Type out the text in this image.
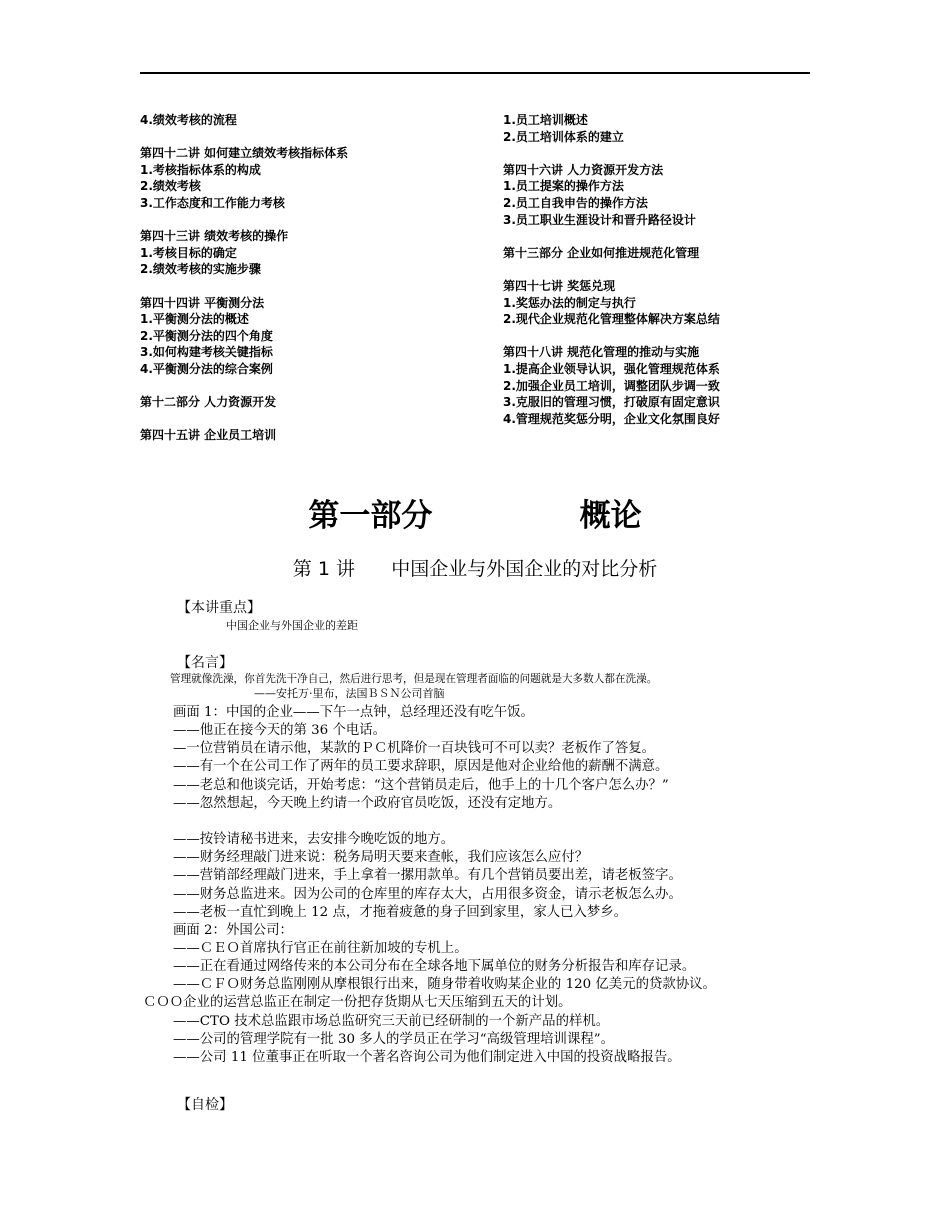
4.绩效考核的流程
第四十二讲 如何建立绩效考核指标体系
1.考核指标体系的构成
2.绩效考核
3.工作态度和工作能力考核
第四十三讲 绩效考核的操作
1.考核目标的确定
2.绩效考核的实施步骤
第四十四讲 平衡测分法
1.平衡测分法的概述
2.平衡测分法的四个角度
3.如何构建考核关键指标
4.平衡测分法的综合案例
第十二部分 人力资源开发
第四十五讲 企业员工培训
1.员工培训概述
2.员工培训体系的建立
第四十六讲 人力资源开发方法
1.员工提案的操作方法
2.员工自我申告的操作方法
3.员工职业生涯设计和晋升路径设计
第十三部分 企业如何推进规范化管理
第四十七讲 奖惩兑现
1.奖惩办法的制定与执行
2.现代企业规范化管理整体解决方案总结
第四十八讲 规范化管理的推动与实施
1.提高企业领导认识，强化管理规范体系
2.加强企业员工培训，调整团队步调一致
3.克服旧的管理习惯，打破原有固定意识
4.管理规范奖惩分明，企业文化氛围良好
第一部分    概论
第 1 讲      中国企业与外国企业的对比分析
【本讲重点】
中国企业与外国企业的差距
【名言】
管理就像洗澡，你首先洗干净自己，然后进行思考，但是现在管理者面临的问题就是大多数人都在洗澡。
——安托万·里布，法国ＢＳＮ公司首脑
画面 1：中国的企业——下午一点钟，总经理还没有吃午饭。
——他正在接今天的第 36 个电话。
—一位营销员在请示他，某款的ＰＣ机降价一百块钱可不可以卖？老板作了答复。
——有一个在公司工作了两年的员工要求辞职，原因是他对企业给他的薪酬不满意。
——老总和他谈完话，开始考虑：“这个营销员走后，他手上的十几个客户怎么办？”
——忽然想起，今天晚上约请一个政府官员吃饭，还没有定地方。
——按铃请秘书进来，去安排今晚吃饭的地方。
——财务经理敲门进来说：税务局明天要来查帐，我们应该怎么应付？
——营销部经理敲门进来，手上拿着一摞用款单。有几个营销员要出差，请老板签字。
——财务总监进来。因为公司的仓库里的库存太大，占用很多资金，请示老板怎么办。
——老板一直忙到晚上 12 点，才拖着疲惫的身子回到家里，家人已入梦乡。
画面 2：外国公司：
——ＣＥＯ首席执行官正在前往新加坡的专机上。
——正在看通过网络传来的本公司分布在全球各地下属单位的财务分析报告和库存记录。
——ＣＦＯ财务总监刚刚从摩根银行出来，随身带着收购某企业的 120 亿美元的贷款协议。
ＣＯＯ企业的运营总监正在制定一份把存货期从七天压缩到五天的计划。
——CTO 技术总监跟市场总监研究三天前已经研制的一个新产品的样机。
——公司的管理学院有一批 30 多人的学员正在学习“高级管理培训课程”。
——公司 11 位董事正在听取一个著名咨询公司为他们制定进入中国的投资战略报告。
【自检】
